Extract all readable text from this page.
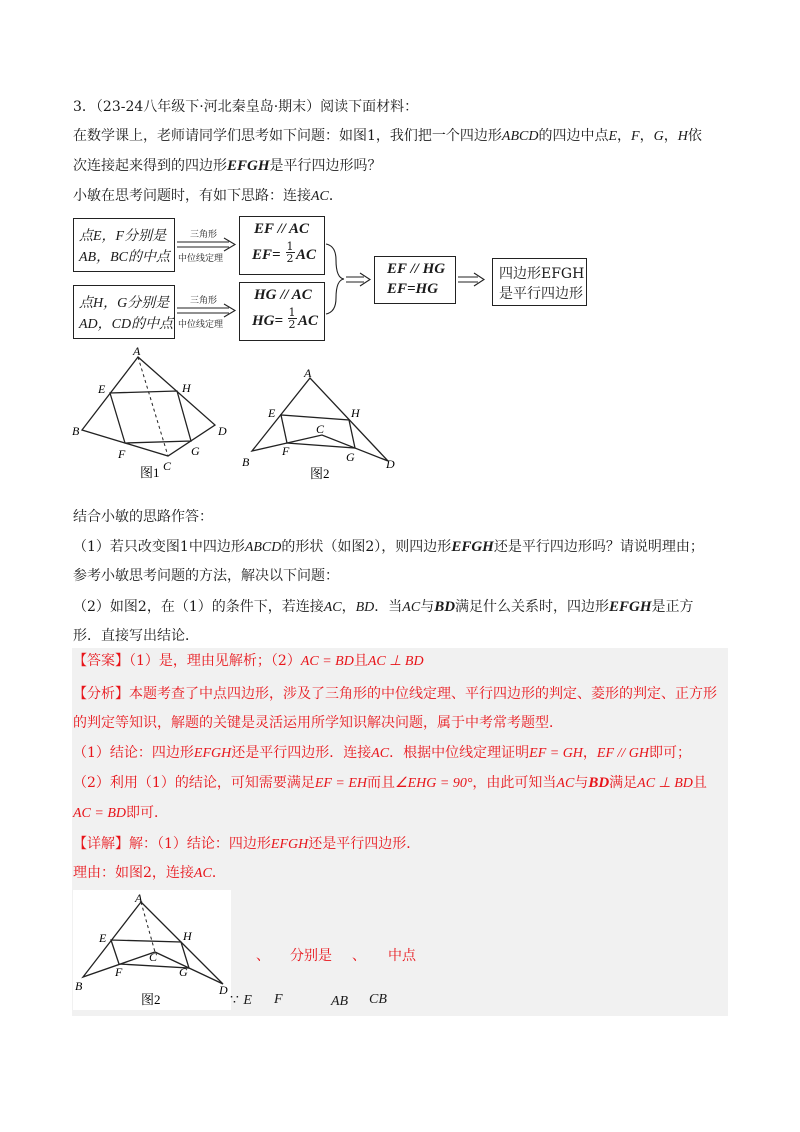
3．（23-24八年级下·河北秦皇岛·期末）阅读下面材料：
在数学课上，老师请同学们思考如下问题：如图1，我们把一个四边形ABCD的四边中点E，F，G，H依
次连接起来得到的四边形EFGH是平行四边形吗？
小敏在思考问题时，有如下思路：连接AC．
点E，F分别是
AB，BC的中点
点H，G分别是
AD，CD的中点
EF // AC
EF=
1
2 AC
HG // AC
HG=
1
2 AC
EF // HG
EF=HG
四边形EFGH
是平行四边形
三角形
中位线定理
三角形
中位线定理
A
B
C
D
E
F	G
H
图1
A
B
C
D
E
F	G
H
图2
结合小敏的思路作答：
（1）若只改变图1中四边形ABCD的形状（如图2），则四边形EFGH还是平行四边形吗？请说明理由；
参考小敏思考问题的方法，解决以下问题：
（2）如图2，在（1）的条件下，若连接AC，BD．当AC与BD满足什么关系时，四边形EFGH是正方
形．直接写出结论．
【答案】（1）是，理由见解析；（2）AC = BD且AC ⊥ BD
【分析】本题考查了中点四边形，涉及了三角形的中位线定理、平行四边形的判定、菱形的判定、正方形
的判定等知识，解题的关键是灵活运用所学知识解决问题，属于中考常考题型．
（1）结论：四边形EFGH还是平行四边形．连接AC．根据中位线定理证明EF = GH，EF // GH即可；
（2）利用（1）的结论，可知需要满足EF = EH而且∠EHG = 90°，由此可知当AC与BD满足AC ⊥ BD且
AC = BD即可．
【详解】解：（1）结论：四边形EFGH还是平行四边形．
理由：如图2，连接AC．
A
B
C
D
E
F	G
H
图2
、 分别是 、 中点
∵ E F	AB CB
